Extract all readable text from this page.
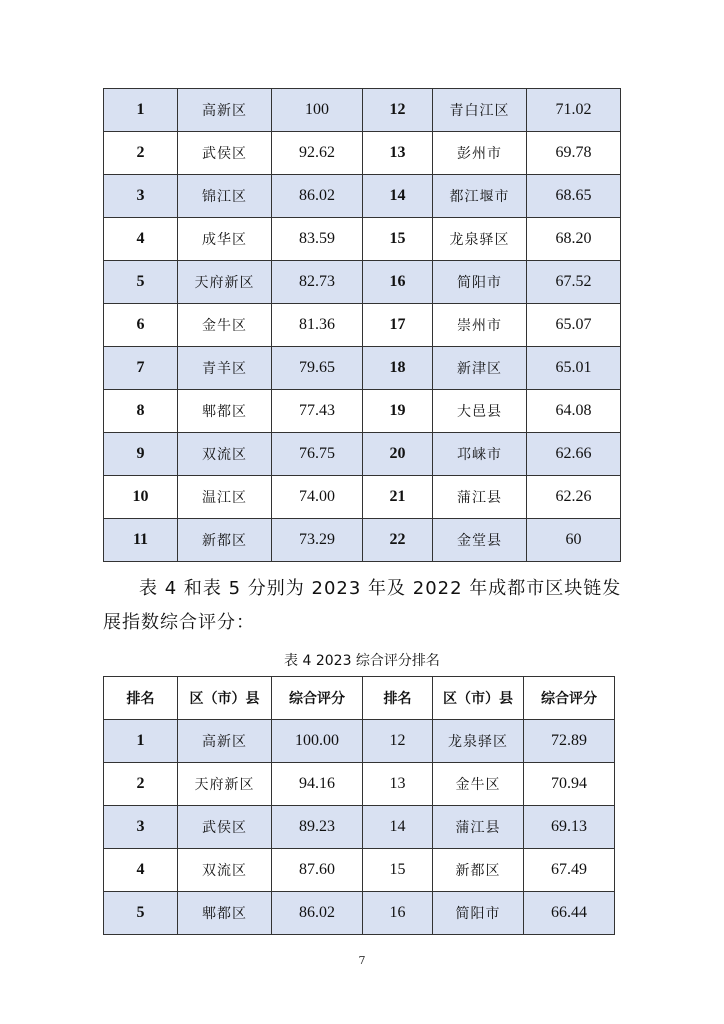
1	高新区	100	12	青白江区	71.02
2	武侯区	92.62	13	彭州市	69.78
3	锦江区	86.02	14	都江堰市	68.65
4	成华区	83.59	15	龙泉驿区	68.20
5	天府新区	82.73	16	简阳市	67.52
6	金牛区	81.36	17	崇州市	65.07
7	青羊区	79.65	18	新津区	65.01
8	郫都区	77.43	19	大邑县	64.08
9	双流区	76.75	20	邛崃市	62.66
10	温江区	74.00	21	蒲江县	62.26
11	新都区	73.29	22	金堂县	60

表 4 和表 5 分别为 2023 年及 2022 年成都市区块链发展指数综合评分：

表 4 2023 综合评分排名
排名	区（市）县	综合评分	排名	区（市）县	综合评分
1	高新区	100.00	12	龙泉驿区	72.89
2	天府新区	94.16	13	金牛区	70.94
3	武侯区	89.23	14	蒲江县	69.13
4	双流区	87.60	15	新都区	67.49
5	郫都区	86.02	16	简阳市	66.44
7
